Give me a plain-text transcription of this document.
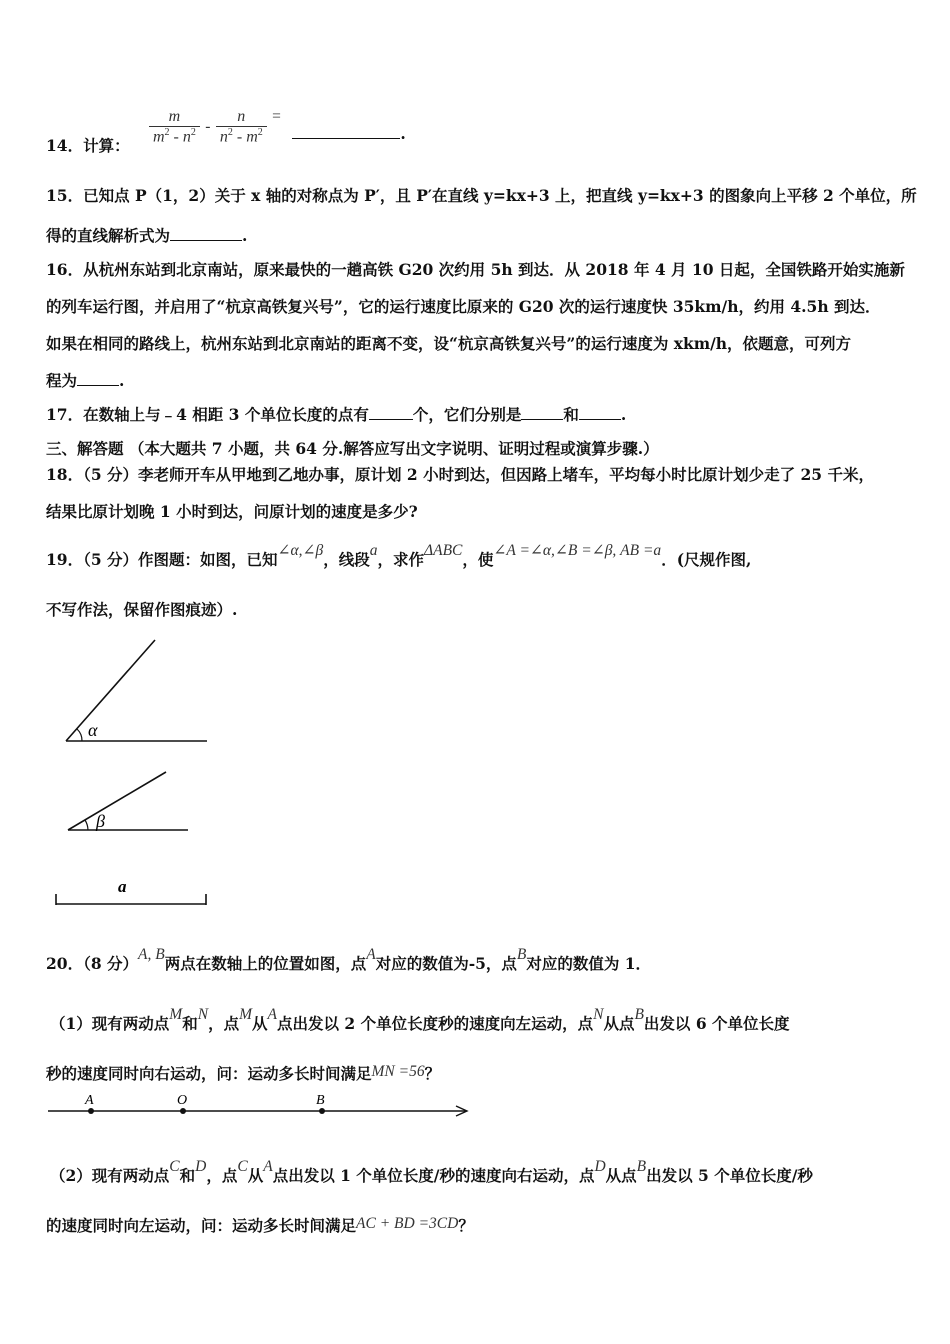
14．计算： $\frac{m}{m^2 - n^2} - \frac{n}{n^2 - m^2}$ = .
15．已知点 P（1，2）关于 x 轴的对称点为 P′，且 P′在直线 y=kx+3 上，把直线 y=kx+3 的图象向上平移 2 个单位，所
得的直线解析式为	.
16．从杭州东站到北京南站，原来最快的一趟高铁 G20 次约用 5h 到达．从 2018 年 4 月 10 日起，全国铁路开始实施新
的列车运行图，并启用了“杭京高铁复兴号”，它的运行速度比原来的 G20 次的运行速度快 35km/h，约用 4.5h 到达．
如果在相同的路线上，杭州东站到北京南站的距离不变，设“杭京高铁复兴号”的运行速度为 xkm/h，依题意，可列方
程为	.
17．在数轴上与﹣4 相距 3 个单位长度的点有	个，它们分别是	和	.
三、解答题 （本大题共 7 小题，共 64 分.解答应写出文字说明、证明过程或演算步骤.）
18．（5 分）李老师开车从甲地到乙地办事，原计划 2 小时到达，但因路上堵车，平均每小时比原计划少走了 25 千米，
结果比原计划晚 1 小时到达，问原计划的速度是多少?
19．（5 分）作图题：如图，已知∠α,∠β，线段a，求作ΔABC，使∠A =∠α,∠B =∠β, AB =a．(尺规作图,
不写作法，保留作图痕迹）.
α
β
a
20．（8 分）A, B两点在数轴上的位置如图，点A对应的数值为-5，点B对应的数值为 1．
（1）现有两动点M和N，点M从A点出发以 2 个单位长度秒的速度向左运动，点N从点B出发以 6 个单位长度
秒的速度同时向右运动，问：运动多长时间满足MN =56？
A	O	B
（2）现有两动点C和D，点C从A点出发以 1 个单位长度/秒的速度向右运动，点D从点B出发以 5 个单位长度/秒
的速度同时向左运动，问：运动多长时间满足AC + BD =3CD？
